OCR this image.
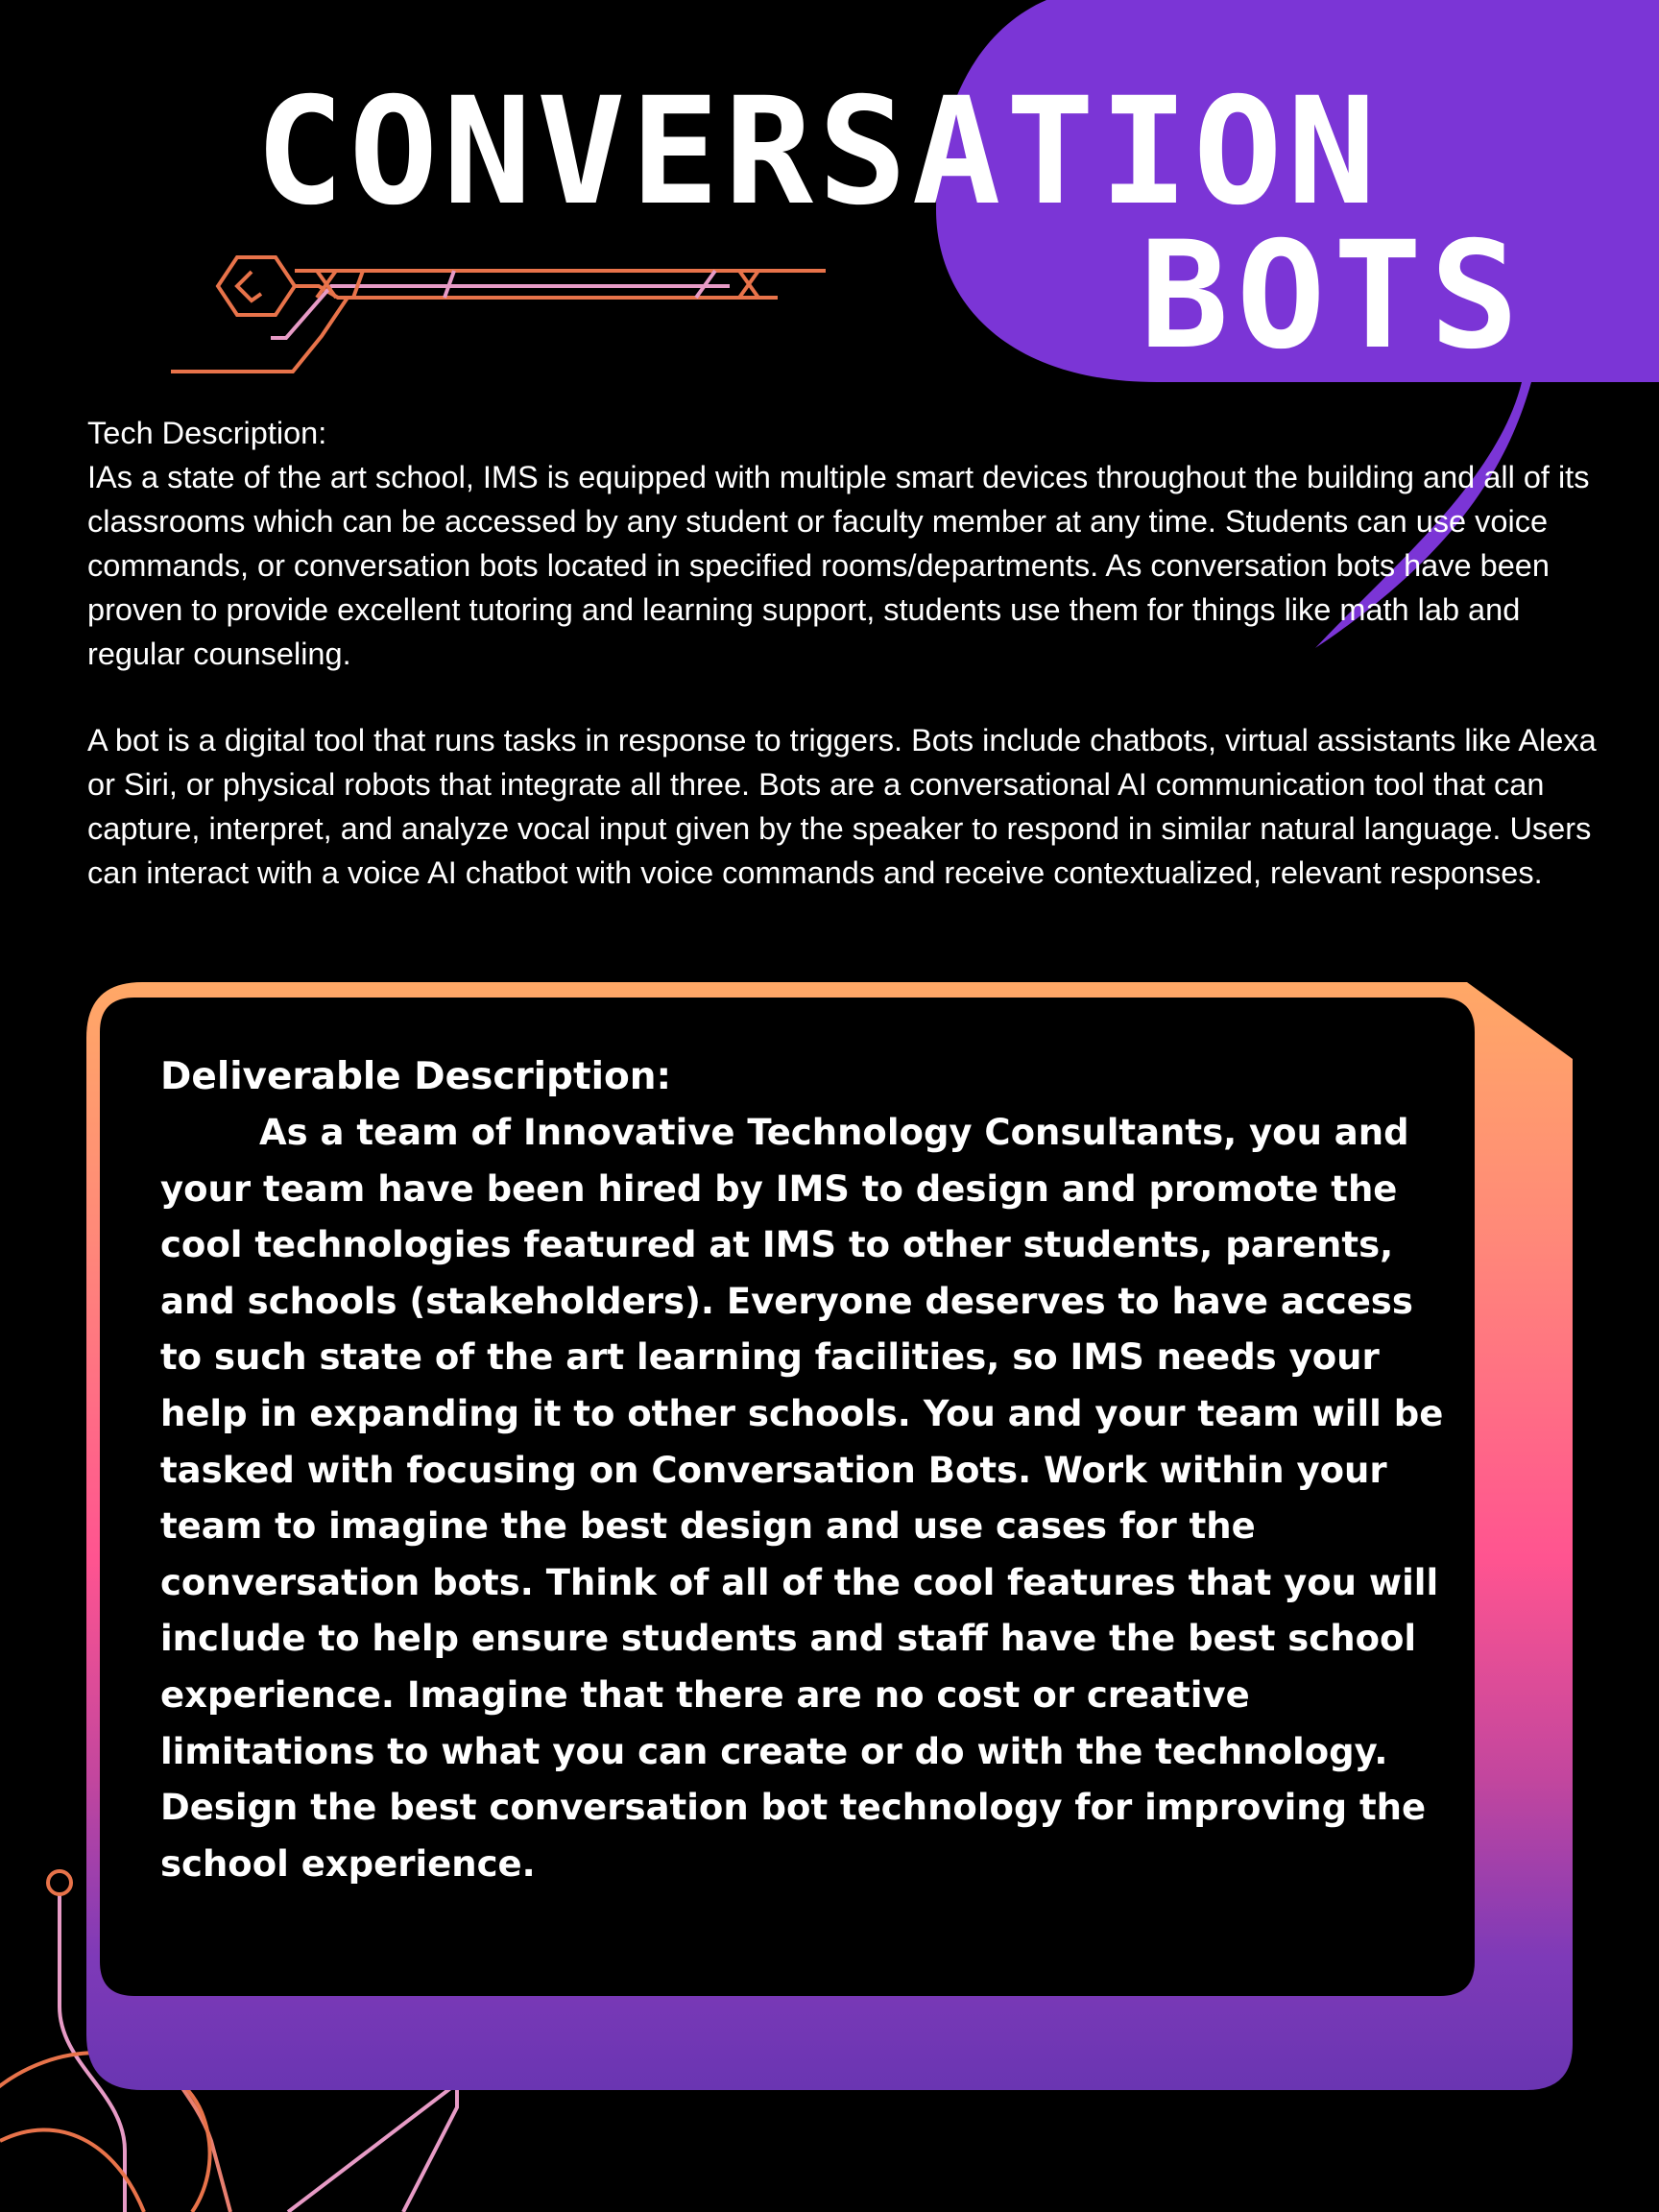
CONVERSATION
BOTS

Tech Description:

IAs a state of the art school, IMS is equipped with multiple smart devices throughout the building and all of its classrooms which can be accessed by any student or faculty member at any time. Students can use voice commands, or conversation bots located in specified rooms/departments. As conversation bots have been proven to provide excellent tutoring and learning support, students use them for things like math lab and regular counseling.

A bot is a digital tool that runs tasks in response to triggers. Bots include chatbots, virtual assistants like Alexa or Siri, or physical robots that integrate all three. Bots are a conversational AI communication tool that can capture, interpret, and analyze vocal input given by the speaker to respond in similar natural language. Users can interact with a voice AI chatbot with voice commands and receive contextualized, relevant responses.

Deliverable Description:

As a team of Innovative Technology Consultants, you and your team have been hired by IMS to design and promote the cool technologies featured at IMS to other students, parents, and schools (stakeholders). Everyone deserves to have access to such state of the art learning facilities, so IMS needs your help in expanding it to other schools. You and your team will be tasked with focusing on Conversation Bots. Work within your team to imagine the best design and use cases for the conversation bots. Think of all of the cool features that you will include to help ensure students and staff have the best school experience. Imagine that there are no cost or creative limitations to what you can create or do with the technology. Design the best conversation bot technology for improving the school experience.
